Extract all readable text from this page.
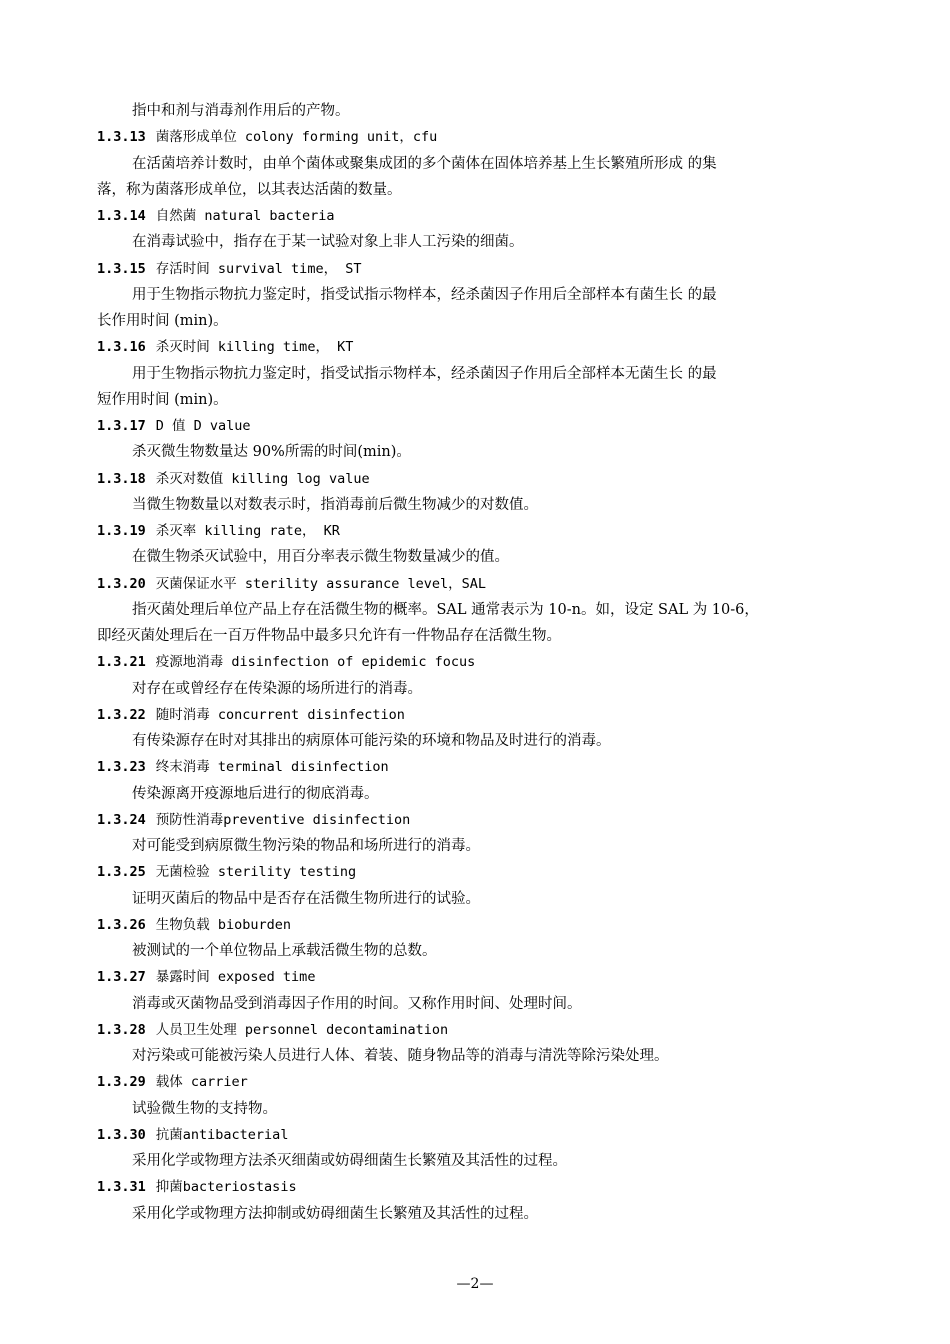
指中和剂与消毒剂作用后的产物。
1.3.13 菌落形成单位 colony forming unit，cfu
在活菌培养计数时，由单个菌体或聚集成团的多个菌体在固体培养基上生长繁殖所形成 的集
落，称为菌落形成单位，以其表达活菌的数量。
1.3.14 自然菌 natural bacteria
在消毒试验中，指存在于某一试验对象上非人工污染的细菌。
1.3.15 存活时间 survival time， ST
用于生物指示物抗力鉴定时，指受试指示物样本，经杀菌因子作用后全部样本有菌生长 的最
长作用时间 (min)。
1.3.16 杀灭时间 killing time， KT
用于生物指示物抗力鉴定时，指受试指示物样本，经杀菌因子作用后全部样本无菌生长 的最
短作用时间 (min)。
1.3.17 D 值 D value
杀灭微生物数量达 90%所需的时间(min)。
1.3.18 杀灭对数值 killing log value
当微生物数量以对数表示时，指消毒前后微生物减少的对数值。
1.3.19 杀灭率 killing rate， KR
在微生物杀灭试验中，用百分率表示微生物数量减少的值。
1.3.20 灭菌保证水平 sterility assurance level，SAL
指灭菌处理后单位产品上存在活微生物的概率。SAL 通常表示为 10-n。如，设定 SAL 为 10-6，
即经灭菌处理后在一百万件物品中最多只允许有一件物品存在活微生物。
1.3.21 疫源地消毒 disinfection of epidemic focus
对存在或曾经存在传染源的场所进行的消毒。
1.3.22 随时消毒 concurrent disinfection
有传染源存在时对其排出的病原体可能污染的环境和物品及时进行的消毒。
1.3.23 终末消毒 terminal disinfection
传染源离开疫源地后进行的彻底消毒。
1.3.24 预防性消毒preventive disinfection
对可能受到病原微生物污染的物品和场所进行的消毒。
1.3.25 无菌检验 sterility testing
证明灭菌后的物品中是否存在活微生物所进行的试验。
1.3.26 生物负载 bioburden
被测试的一个单位物品上承载活微生物的总数。
1.3.27 暴露时间 exposed time
消毒或灭菌物品受到消毒因子作用的时间。又称作用时间、处理时间。
1.3.28 人员卫生处理 personnel decontamination
对污染或可能被污染人员进行人体、着装、随身物品等的消毒与清洗等除污染处理。
1.3.29 载体 carrier
试验微生物的支持物。
1.3.30 抗菌antibacterial
采用化学或物理方法杀灭细菌或妨碍细菌生长繁殖及其活性的过程。
1.3.31 抑菌bacteriostasis
采用化学或物理方法抑制或妨碍细菌生长繁殖及其活性的过程。
—2—
